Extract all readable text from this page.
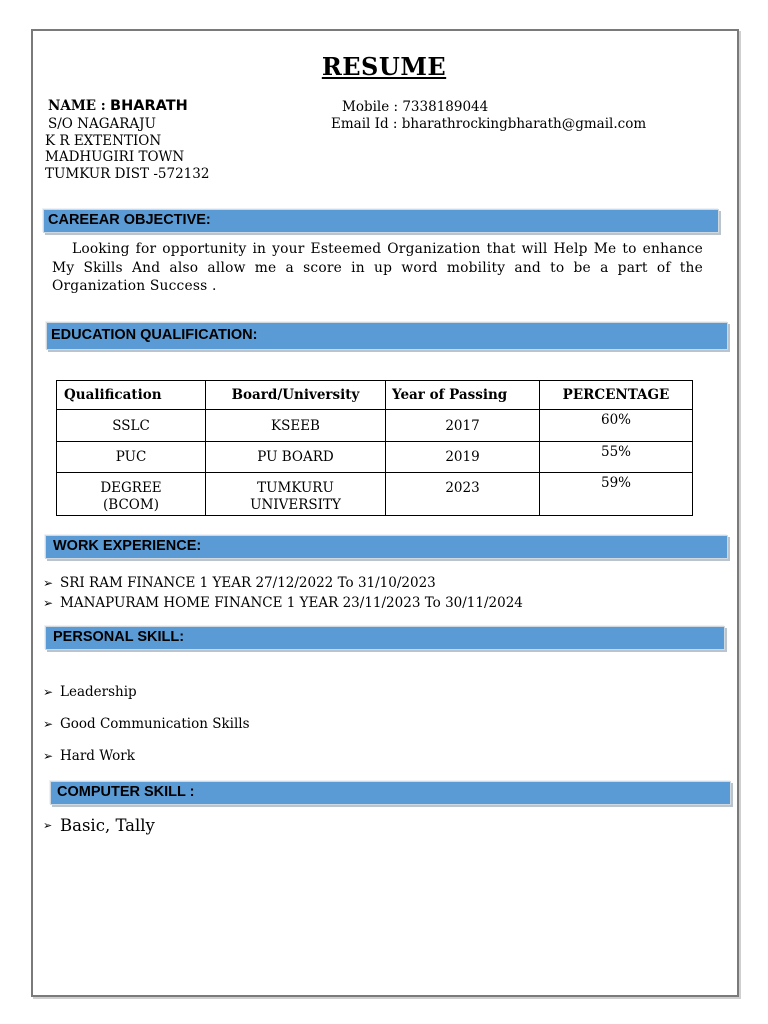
RESUME
NAME : BHARATH
S/O NAGARAJU
K R EXTENTION
MADHUGIRI TOWN
TUMKUR DIST -572132
Mobile : 7338189044
Email Id : bharathrockingbharath@gmail.com
CAREEAR OBJECTIVE:
Looking for opportunity in your Esteemed Organization that will Help Me to enhance My Skills And also allow me a score in up word mobility and to be a part of the Organization Success .
EDUCATION QUALIFICATION:
Qualification	Board/University	Year of Passing	PERCENTAGE
SSLC	KSEEB	2017	60%
PUC	PU BOARD	2019	55%

DEGREE (BCOM)	TUMKURU UNIVERSITY	2023	59%
WORK EXPERIENCE:
➢ SRI RAM FINANCE 1 YEAR 27/12/2022 To 31/10/2023
➢ MANAPURAM HOME FINANCE 1 YEAR 23/11/2023 To 30/11/2024
PERSONAL SKILL:
➢ Leadership
➢ Good Communication Skills
➢ Hard Work
COMPUTER SKILL :
➢ Basic, Tally
